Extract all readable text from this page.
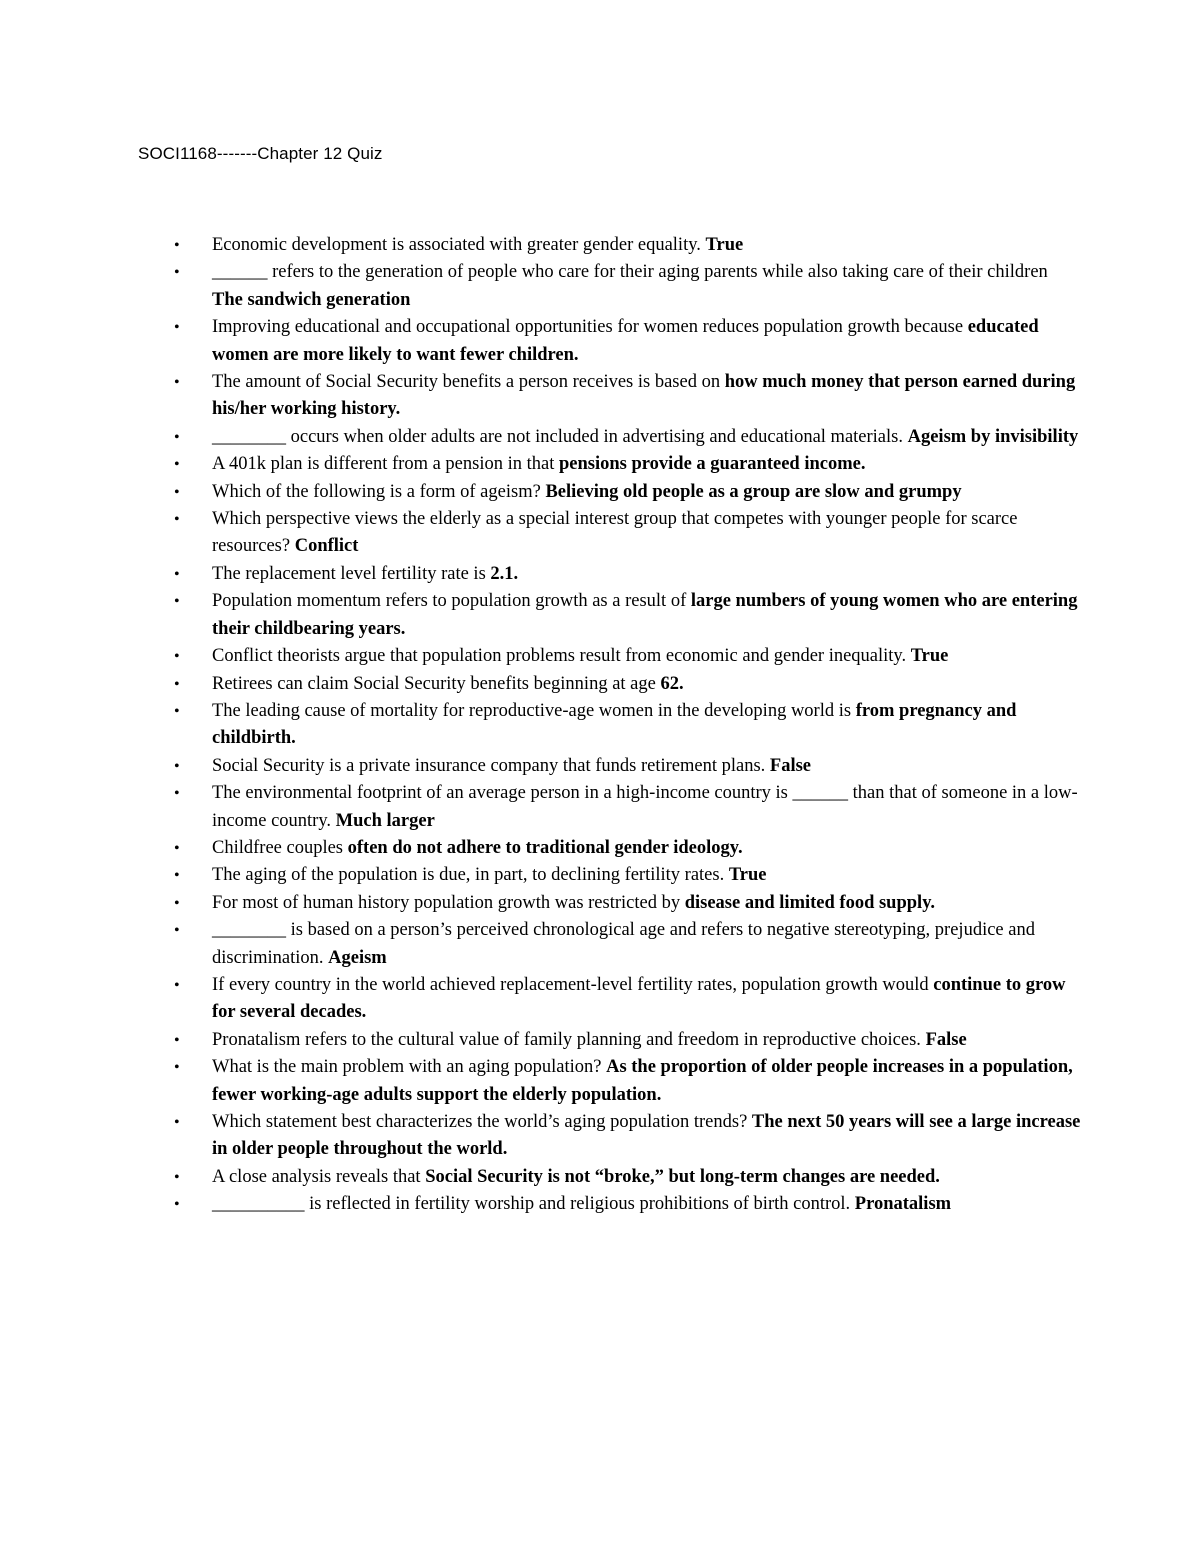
SOCI1168-------Chapter 12 Quiz
• Economic development is associated with greater gender equality. True
• ______ refers to the generation of people who care for their aging parents while also taking care of their children The sandwich generation
• Improving educational and occupational opportunities for women reduces population growth because educated women are more likely to want fewer children.
• The amount of Social Security benefits a person receives is based on how much money that person earned during his/her working history.
• ________ occurs when older adults are not included in advertising and educational materials. Ageism by invisibility
• A 401k plan is different from a pension in that pensions provide a guaranteed income.
• Which of the following is a form of ageism? Believing old people as a group are slow and grumpy
• Which perspective views the elderly as a special interest group that competes with younger people for scarce resources? Conflict
• The replacement level fertility rate is 2.1.
• Population momentum refers to population growth as a result of large numbers of young women who are entering their childbearing years.
• Conflict theorists argue that population problems result from economic and gender inequality. True
• Retirees can claim Social Security benefits beginning at age 62.
• The leading cause of mortality for reproductive-age women in the developing world is from pregnancy and childbirth.
• Social Security is a private insurance company that funds retirement plans. False
• The environmental footprint of an average person in a high-income country is ______ than that of someone in a low-income country. Much larger
• Childfree couples often do not adhere to traditional gender ideology.
• The aging of the population is due, in part, to declining fertility rates. True
• For most of human history population growth was restricted by disease and limited food supply.
• ________ is based on a person’s perceived chronological age and refers to negative stereotyping, prejudice and discrimination. Ageism
• If every country in the world achieved replacement-level fertility rates, population growth would continue to grow for several decades.
• Pronatalism refers to the cultural value of family planning and freedom in reproductive choices. False
• What is the main problem with an aging population? As the proportion of older people increases in a population, fewer working-age adults support the elderly population.
• Which statement best characterizes the world’s aging population trends? The next 50 years will see a large increase in older people throughout the world.
• A close analysis reveals that Social Security is not “broke,” but long-term changes are needed.
• __________ is reflected in fertility worship and religious prohibitions of birth control. Pronatalism
